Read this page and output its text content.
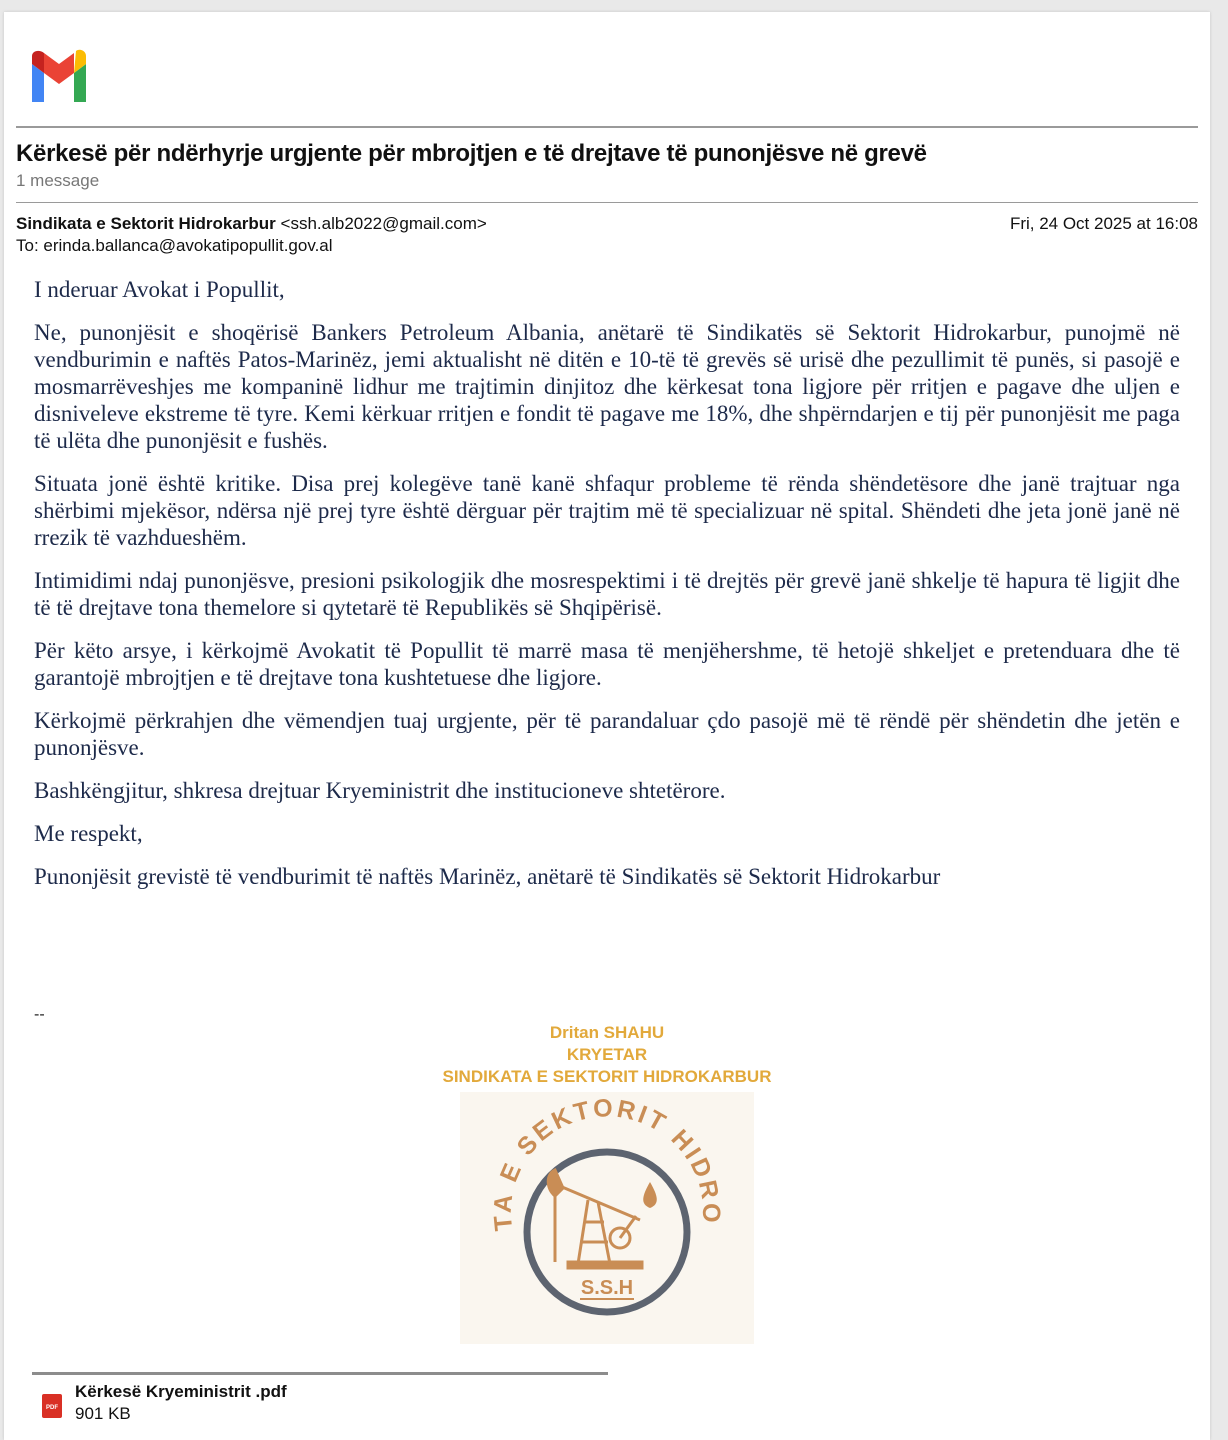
Kërkesë për ndërhyrje urgjente për mbrojtjen e të drejtave të punonjësve në grevë
1 message
Sindikata e Sektorit Hidrokarbur <ssh.alb2022@gmail.com>	Fri, 24 Oct 2025 at 16:08
To: erinda.ballanca@avokatipopullit.gov.al

I nderuar Avokat i Popullit,

Ne, punonjësit e shoqërisë Bankers Petroleum Albania, anëtarë të Sindikatës së Sektorit Hidrokarbur, punojmë në vendburimin e naftës Patos-Marinëz, jemi aktualisht në ditën e 10-të të grevës së urisë dhe pezullimit të punës, si pasojë e mosmarrëveshjes me kompaninë lidhur me trajtimin dinjitoz dhe kërkesat tona ligjore për rritjen e pagave dhe uljen e disniveleve ekstreme të tyre. Kemi kërkuar rritjen e fondit të pagave me 18%, dhe shpërndarjen e tij për punonjësit me paga të ulëta dhe punonjësit e fushës.

Situata jonë është kritike. Disa prej kolegëve tanë kanë shfaqur probleme të rënda shëndetësore dhe janë trajtuar nga shërbimi mjekësor, ndërsa një prej tyre është dërguar për trajtim më të specializuar në spital. Shëndeti dhe jeta jonë janë në rrezik të vazhdueshëm.

Intimidimi ndaj punonjësve, presioni psikologjik dhe mosrespektimi i të drejtës për grevë janë shkelje të hapura të ligjit dhe të të drejtave tona themelore si qytetarë të Republikës së Shqipërisë.

Për këto arsye, i kërkojmë Avokatit të Popullit të marrë masa të menjëhershme, të hetojë shkeljet e pretenduara dhe të garantojë mbrojtjen e të drejtave tona kushtetuese dhe ligjore.

Kërkojmë përkrahjen dhe vëmendjen tuaj urgjente, për të parandaluar çdo pasojë më të rëndë për shëndetin dhe jetën e punonjësve.

Bashkëngjitur, shkresa drejtuar Kryeministrit dhe institucioneve shtetërore.

Me respekt,

Punonjësit grevistë të vendburimit të naftës Marinëz, anëtarë të Sindikatës së Sektorit Hidrokarbur

--
Dritan SHAHU
KRYETAR
SINDIKATA E SEKTORIT HIDROKARBUR
TA E SEKTORIT HIDRO
S.S.H
PDF
Kërkesë Kryeministrit .pdf
901 KB
